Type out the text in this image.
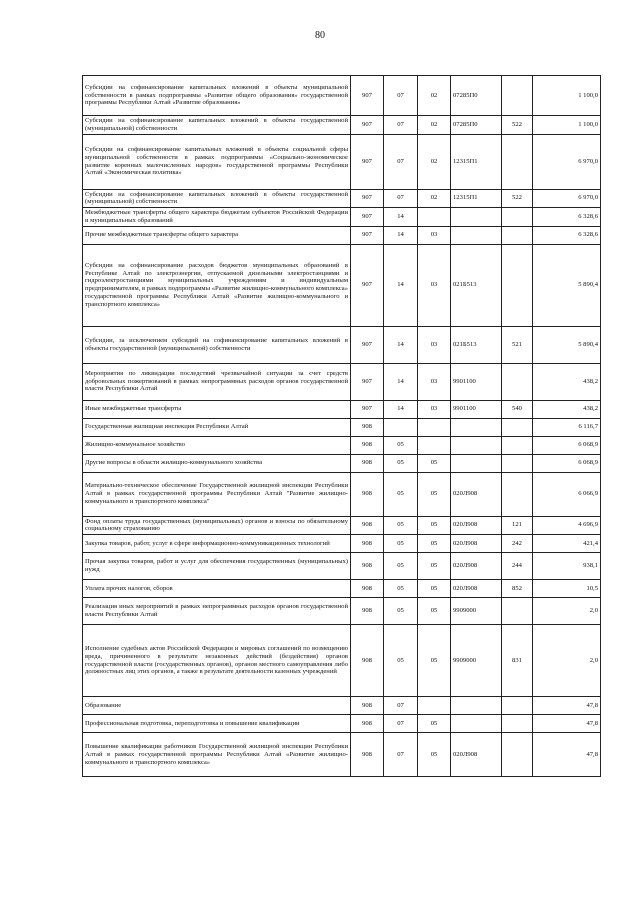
80
Субсидии на софинансирование капитальных вложений в объекты муниципальной собственности в рамках подпрограммы «Развитие общего образования» государственной программы Республики Алтай «Развитие образования»	907	07	02	07285П0		1 100,0
Субсидии на софинансирование капитальных вложений в объекты государственной (муниципальной) собственности	907	07	02	07285П0	522	1 100,0
Субсидии на софинансирование капитальных вложений в объекты социальной сферы муниципальной собственности в рамках подпрограммы «Социально-экономическое развитие коренных малочисленных народов» государственной программы Республики Алтай «Экономическая политика»	907	07	02	12315П1		6 970,0
Субсидии на софинансирование капитальных вложений в объекты государственной (муниципальной) собственности	907	07	02	12315П1	522	6 970,0
Межбюджетные трансферты общего характера бюджетам субъектов Российской Федерации и муниципальных образований	907	14				6 328,6
Прочие межбюджетные трансферты общего характера	907	14	03			6 328,6
Субсидии на софинансирование расходов бюджетов муниципальных образований в Республике Алтай по электроэнергии, отпускаемой дизельными электростанциями и гидроэлектростанциями муниципальных учреждениям и индивидуальным предпринимателям, в рамках подпрограммы «Развитие жилищно-коммунального комплекса» государственной программы Республики Алтай «Развитие жилищно-коммунального и транспортного комплекса»	907	14	03	021Б513		5 890,4
Субсидии, за исключением субсидий на софинансирование капитальных вложений в объекты государственной (муниципальной) собственности	907	14	03	021Б513	521	5 890,4
Мероприятия по ликвидации последствий чрезвычайной ситуации за счет средств добровольных пожертвований в рамках непрограммных расходов органов государственной власти Республики Алтай	907	14	03	9901100		438,2
Иные межбюджетные трансферты	907	14	03	9901100	540	438,2
Государственная жилищная инспекция Республики Алтай	908					6 116,7
Жилищно-коммунальное хозяйство	908	05				6 068,9
Другие вопросы в области жилищно-коммунального хозяйства	908	05	05			6 068,9
Материально-техническое обеспечение Государственной жилищной инспекции Республики Алтай в рамках государственной программы Республики Алтай "Развитие жилищно-коммунального и транспортного комплекса"	908	05	05	020Л908		6 066,9
Фонд оплаты труда государственных (муниципальных) органов и взносы по обязательному социальному страхованию	908	05	05	020Л908	121	4 696,9
Закупка товаров, работ, услуг в сфере информационно-коммуникационных технологий	908	05	05	020Л908	242	421,4
Прочая закупка товаров, работ и услуг для обеспечения государственных (муниципальных) нужд	908	05	05	020Л908	244	938,1
Уплата прочих налогов, сборов	908	05	05	020Л908	852	10,5
Реализация иных мероприятий в рамках непрограммных расходов органов государственной власти Республики Алтай	908	05	05	9909000		2,0
Исполнение судебных актов Российской Федерации и мировых соглашений по возмещению вреда, причиненного в результате незаконных действий (бездействия) органов государственной власти (государственных органов), органов местного самоуправления либо должностных лиц этих органов, а также в результате деятельности казенных учреждений	908	05	05	9909000	831	2,0
Образование	908	07				47,8
Профессиональная подготовка, переподготовка и повышение квалификации	908	07	05			47,8
Повышение квалификации работников Государственной жилищной инспекции Республики Алтай в рамках государственной программы Республики Алтай «Развитие жилищно-коммунального и транспортного комплекса»	908	07	05	020Л908		47,8
